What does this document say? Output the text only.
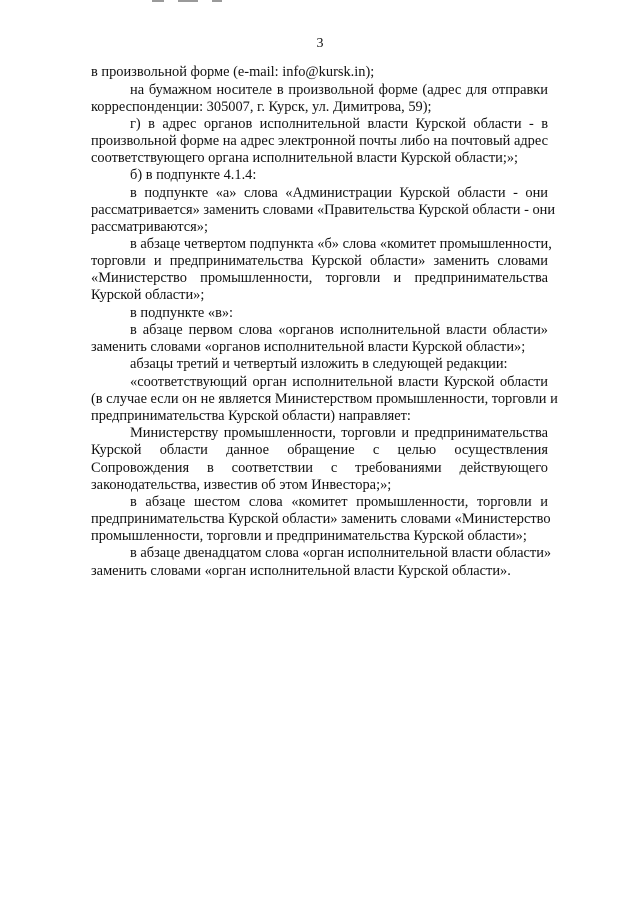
3
в произвольной форме (e-mail: info@kursk.in);
на бумажном носителе в произвольной форме (адрес для отправки
корреспонденции: 305007, г. Курск, ул. Димитрова, 59);
г) в адрес органов исполнительной власти Курской области - в
произвольной форме на адрес электронной почты либо на почтовый адрес
соответствующего органа исполнительной власти Курской области;»;
б) в подпункте 4.1.4:
в подпункте «а» слова «Администрации Курской области - они
рассматривается» заменить словами «Правительства Курской области - они
рассматриваются»;
в абзаце четвертом подпункта «б» слова «комитет промышленности,
торговли и предпринимательства Курской области» заменить словами
«Министерство промышленности, торговли и предпринимательства
Курской области»;
в подпункте «в»:
в абзаце первом слова «органов исполнительной власти области»
заменить словами «органов исполнительной власти Курской области»;
абзацы третий и четвертый изложить в следующей редакции:
«соответствующий орган исполнительной власти Курской области
(в случае если он не является Министерством промышленности, торговли и
предпринимательства Курской области) направляет:
Министерству промышленности, торговли и предпринимательства
Курской области данное обращение с целью осуществления
Сопровождения в соответствии с требованиями действующего
законодательства, известив об этом Инвестора;»;
в абзаце шестом слова «комитет промышленности, торговли и
предпринимательства Курской области» заменить словами «Министерство
промышленности, торговли и предпринимательства Курской области»;
в абзаце двенадцатом слова «орган исполнительной власти области»
заменить словами «орган исполнительной власти Курской области».
